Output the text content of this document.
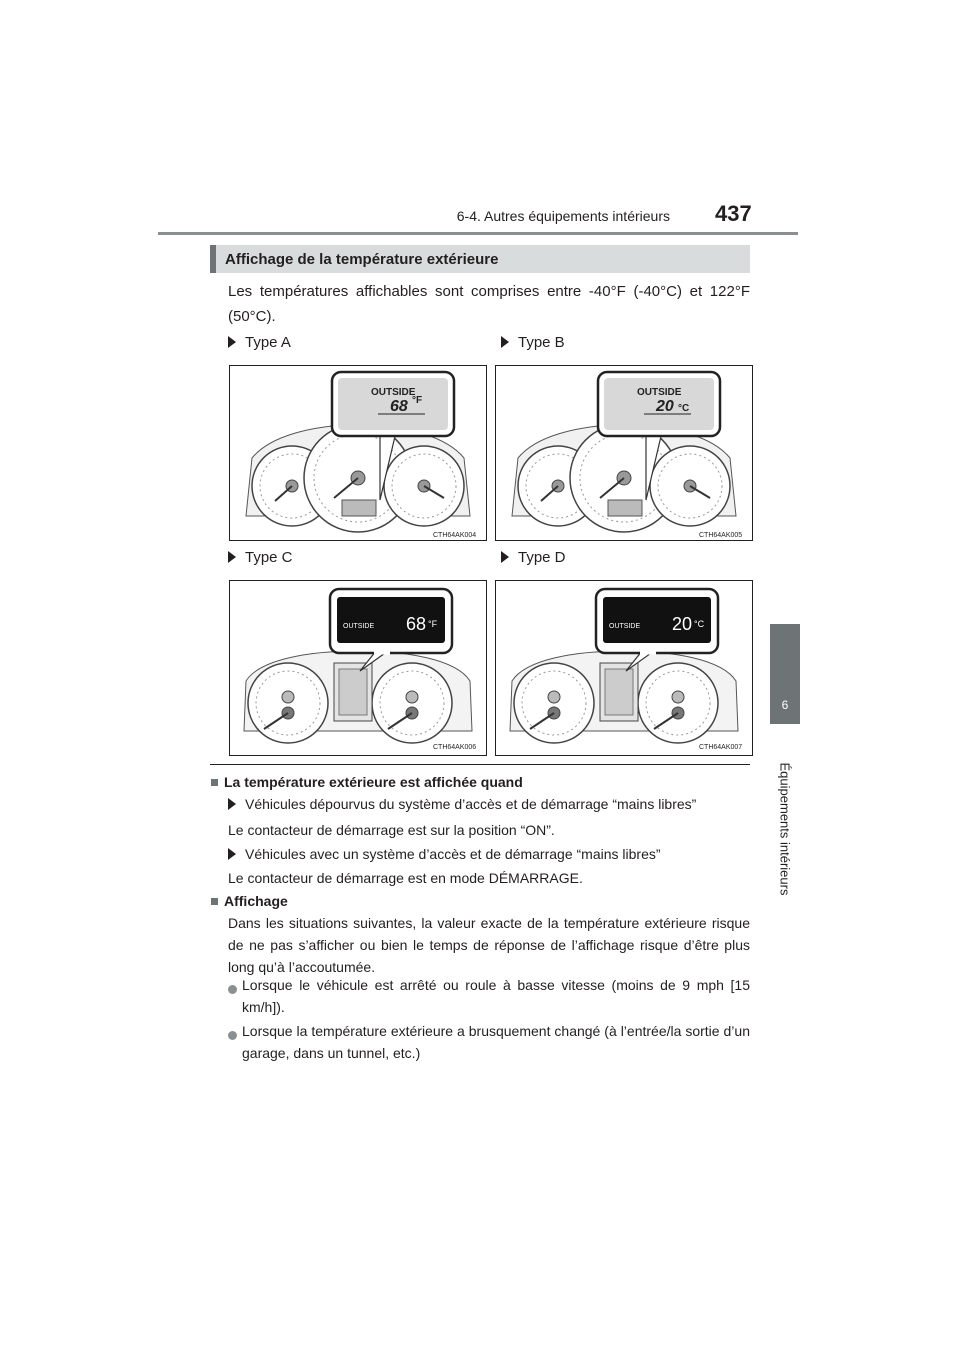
6-4. Autres équipements intérieurs 437
6
Équipements intérieurs
Affichage de la température extérieure
Les températures affichables sont comprises entre -40°F (-40°C) et 122°F (50°C).
Type A	Type B
Type C	Type D
OUTSIDE
68 °F
CTH64AK004
OUTSIDE
20 °C
CTH64AK005
OUTSIDE 68 °F
CTH64AK006
OUTSIDE 20 °C
CTH64AK007
La température extérieure est affichée quand
Véhicules dépourvus du système d’accès et de démarrage “mains libres”
Le contacteur de démarrage est sur la position “ON”.
Véhicules avec un système d’accès et de démarrage “mains libres”
Le contacteur de démarrage est en mode DÉMARRAGE.
Affichage
Dans les situations suivantes, la valeur exacte de la température extérieure risque de ne pas s’afficher ou bien le temps de réponse de l’affichage risque d’être plus long qu’à l’accoutumée.
Lorsque le véhicule est arrêté ou roule à basse vitesse (moins de 9 mph [15 km/h]).
Lorsque la température extérieure a brusquement changé (à l’entrée/la sortie d’un garage, dans un tunnel, etc.)
